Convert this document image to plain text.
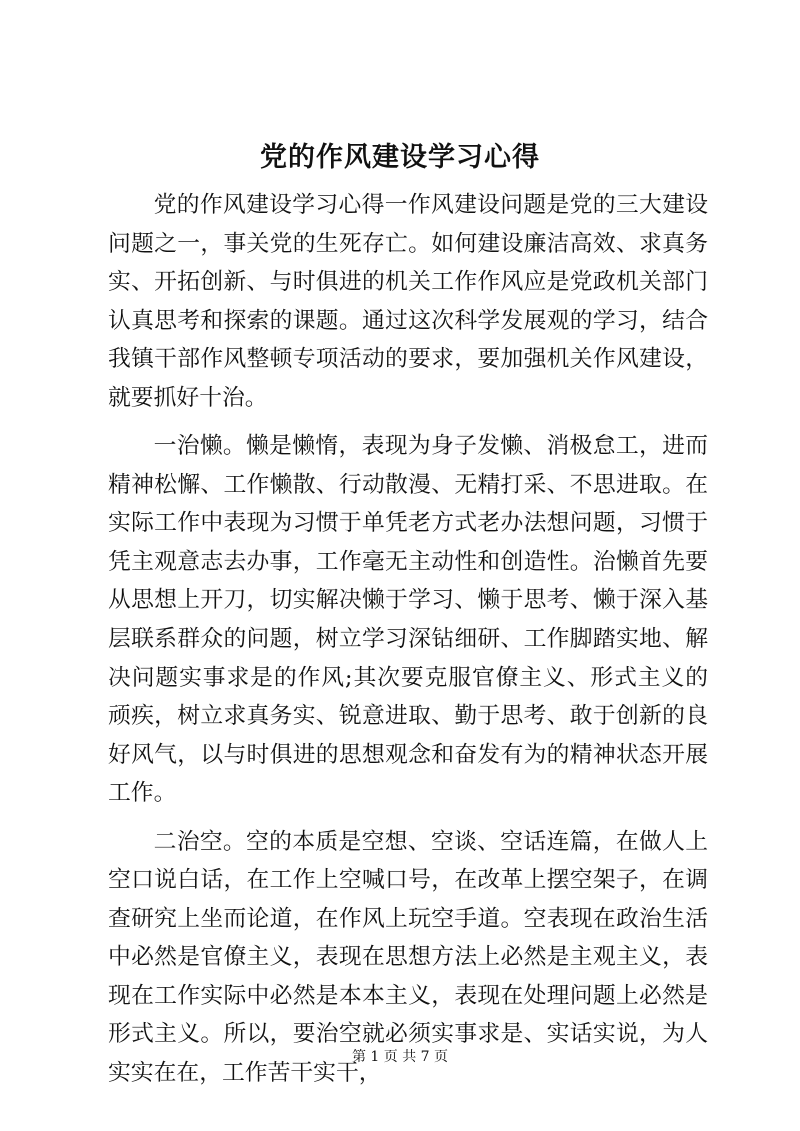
党的作风建设学习心得

党的作风建设学习心得一作风建设问题是党的三大建设问题之一，事关党的生死存亡。如何建设廉洁高效、求真务实、开拓创新、与时俱进的机关工作作风应是党政机关部门认真思考和探索的课题。通过这次科学发展观的学习，结合我镇干部作风整顿专项活动的要求，要加强机关作风建设，就要抓好十治。

一治懒。懒是懒惰，表现为身子发懒、消极怠工，进而精神松懈、工作懒散、行动散漫、无精打采、不思进取。在实际工作中表现为习惯于单凭老方式老办法想问题，习惯于凭主观意志去办事，工作毫无主动性和创造性。治懒首先要从思想上开刀，切实解决懒于学习、懒于思考、懒于深入基层联系群众的问题，树立学习深钻细研、工作脚踏实地、解决问题实事求是的作风;其次要克服官僚主义、形式主义的顽疾，树立求真务实、锐意进取、勤于思考、敢于创新的良好风气，以与时俱进的思想观念和奋发有为的精神状态开展工作。

二治空。空的本质是空想、空谈、空话连篇，在做人上空口说白话，在工作上空喊口号，在改革上摆空架子，在调查研究上坐而论道，在作风上玩空手道。空表现在政治生活中必然是官僚主义，表现在思想方法上必然是主观主义，表现在工作实际中必然是本本主义，表现在处理问题上必然是形式主义。所以，要治空就必须实事求是、实话实说，为人实实在在，工作苦干实干，

第 1 页 共 7 页
